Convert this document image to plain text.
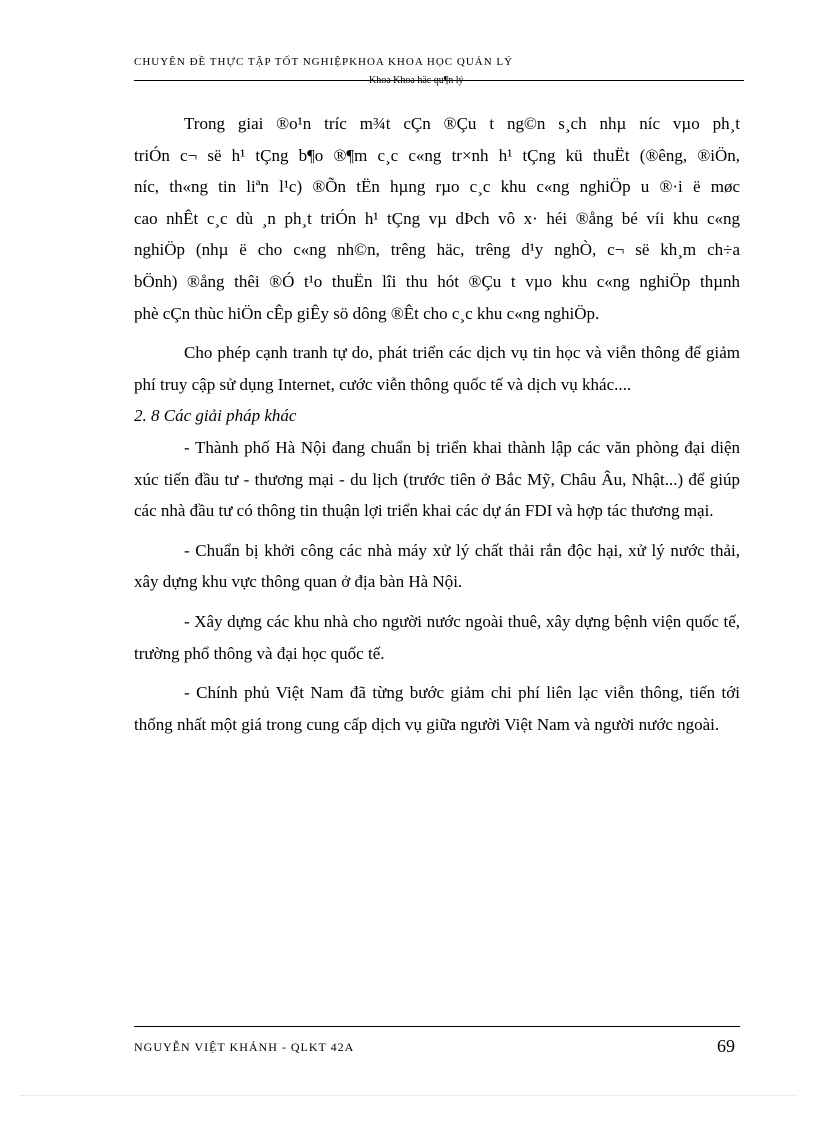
CHUYÊN ĐỀ THỰC TẬP TỐT NGHIỆPKHOA KHOA HỌC QUẢN LÝ
Khoa Khoa häc qu¶n lý

Trong giai ®o¹n tríc m¾t cÇn ®Çu t ng©n s¸ch nhµ níc vµo ph¸t

triÓn c¬ së h¹ tÇng b¶o ®¶m c¸c c«ng tr×nh h¹ tÇng kü thuËt (®êng, ®iÖn,

níc, th«ng tin liªn l¹c) ®Õn tËn hµng rµo c¸c khu c«ng nghiÖp u ®·i ë møc

cao nhÊt c¸c dù ¸n ph¸t triÓn h¹ tÇng vµ dÞch vô x· héi ®ång bé víi khu c«ng

nghiÖp (nhµ ë cho c«ng nh©n, trêng häc, trêng d¹y nghÒ, c¬ së kh¸m ch÷a

bÖnh) ®ång thêi ®Ó t¹o thuËn lîi thu hót ®Çu t vµo khu c«ng nghiÖp thµnh

phè cÇn thùc hiÖn cÊp giÊy sö dông ®Êt cho c¸c khu c«ng nghiÖp.

Cho phép cạnh tranh tự do, phát triển các dịch vụ tin học và viễn thông để giảm phí truy cập sử dụng Internet, cước viễn thông quốc tế và dịch vụ khác....

2. 8 Các giải pháp khác

- Thành phố Hà Nội đang chuẩn bị triển khai thành lập các văn phòng đại diện xúc tiến đầu tư - thương mại - du lịch (trước tiên ở Bắc Mỹ, Châu Âu, Nhật...) để giúp các nhà đầu tư có thông tin thuận lợi triển khai các dự án FDI và hợp tác thương mại.

- Chuẩn bị khởi công các nhà máy xử lý chất thải rắn độc hại, xử lý nước thải, xây dựng khu vực thông quan ở địa bàn Hà Nội.

- Xây dựng các khu nhà cho người nước ngoài thuê, xây dựng bệnh viện quốc tế, trường phổ thông và đại học quốc tế.

- Chính phủ Việt Nam đã từng bước giảm chi phí liên lạc viễn thông, tiến tới thống nhất một giá trong cung cấp dịch vụ giữa người Việt Nam và người nước ngoài.

NGUYỄN VIỆT KHÁNH - QLKT 42A	69
